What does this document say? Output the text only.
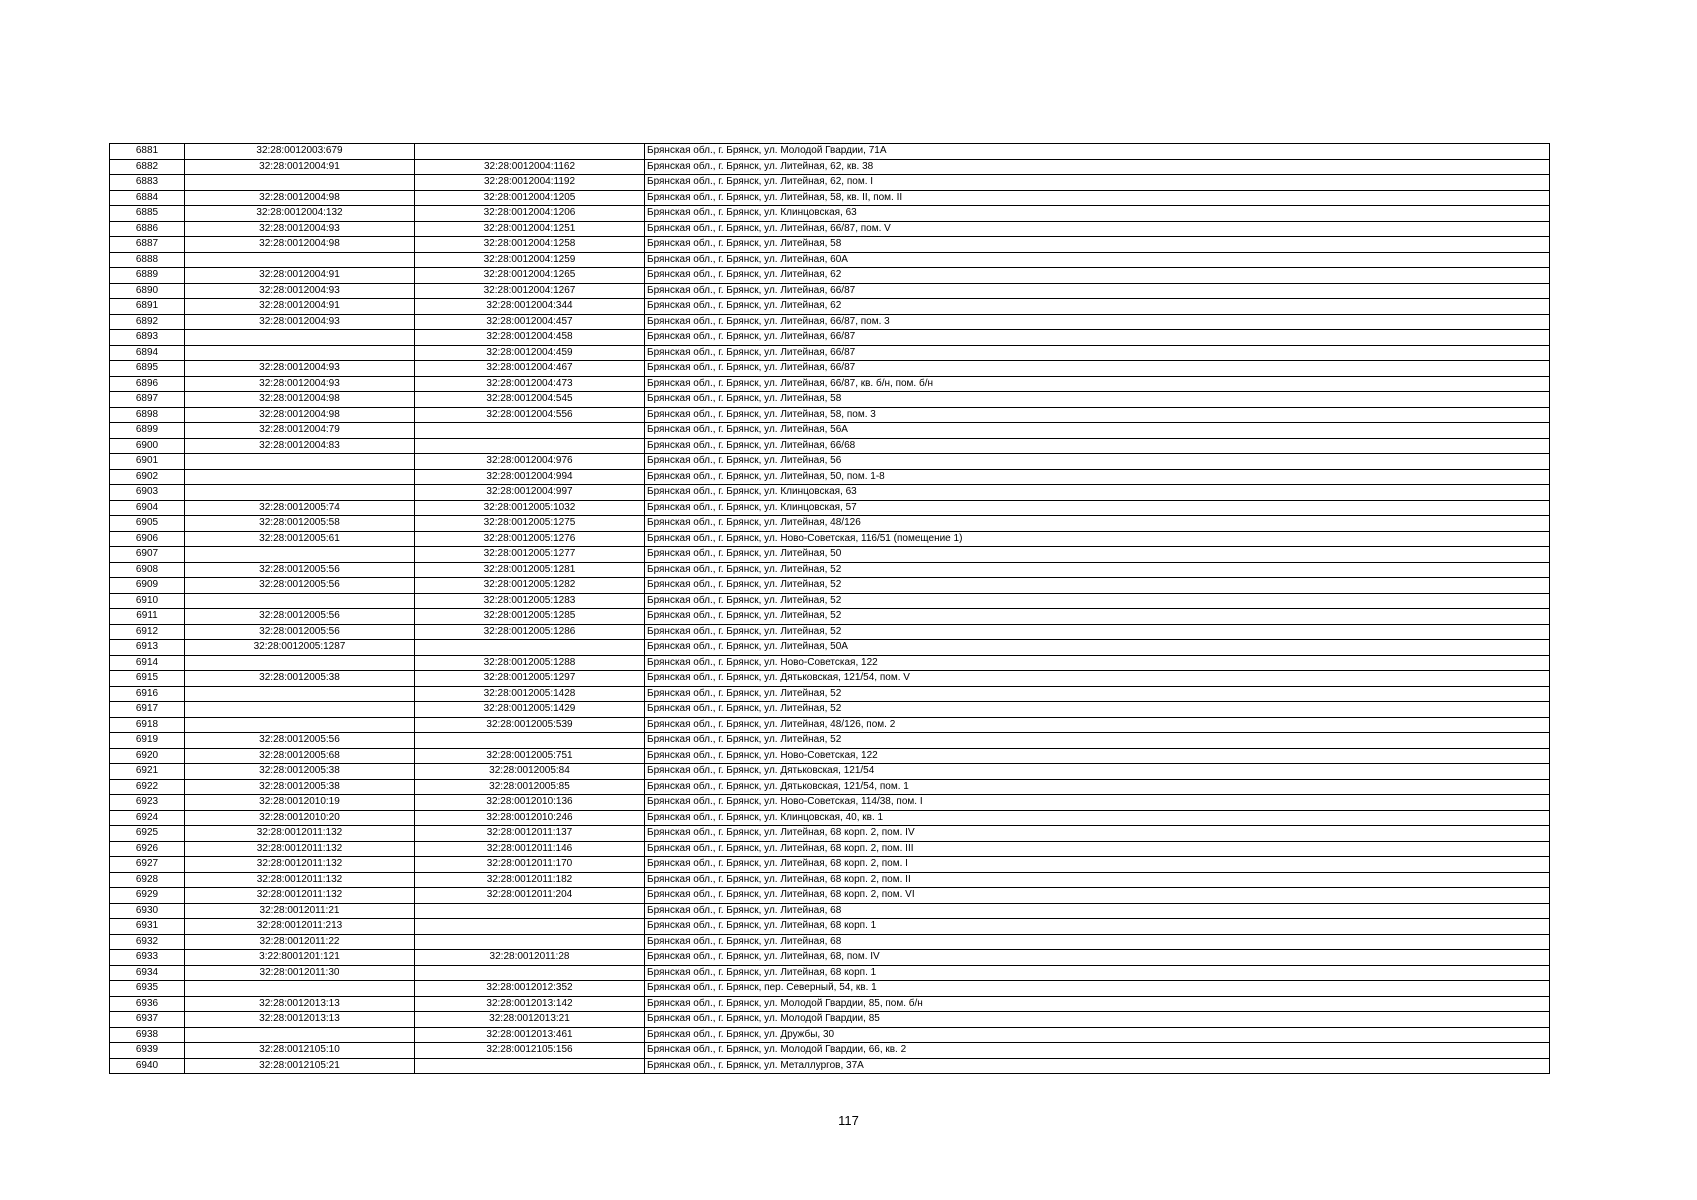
6881	32:28:0012003:679		Брянская обл., г. Брянск, ул. Молодой Гвардии, 71А
6882	32:28:0012004:91	32:28:0012004:1162	Брянская обл., г. Брянск, ул. Литейная, 62, кв. 38
6883		32:28:0012004:1192	Брянская обл., г. Брянск, ул. Литейная, 62, пом. I
6884	32:28:0012004:98	32:28:0012004:1205	Брянская обл., г. Брянск, ул. Литейная, 58, кв. II, пом. II
6885	32:28:0012004:132	32:28:0012004:1206	Брянская обл., г. Брянск, ул. Клинцовская, 63
6886	32:28:0012004:93	32:28:0012004:1251	Брянская обл., г. Брянск, ул. Литейная, 66/87, пом. V
6887	32:28:0012004:98	32:28:0012004:1258	Брянская обл., г. Брянск, ул. Литейная, 58
6888		32:28:0012004:1259	Брянская обл., г. Брянск, ул. Литейная, 60А
6889	32:28:0012004:91	32:28:0012004:1265	Брянская обл., г. Брянск, ул. Литейная, 62
6890	32:28:0012004:93	32:28:0012004:1267	Брянская обл., г. Брянск, ул. Литейная, 66/87
6891	32:28:0012004:91	32:28:0012004:344	Брянская обл., г. Брянск, ул. Литейная, 62
6892	32:28:0012004:93	32:28:0012004:457	Брянская обл., г. Брянск, ул. Литейная, 66/87, пом. 3
6893		32:28:0012004:458	Брянская обл., г. Брянск, ул. Литейная, 66/87
6894		32:28:0012004:459	Брянская обл., г. Брянск, ул. Литейная, 66/87
6895	32:28:0012004:93	32:28:0012004:467	Брянская обл., г. Брянск, ул. Литейная, 66/87
6896	32:28:0012004:93	32:28:0012004:473	Брянская обл., г. Брянск, ул. Литейная, 66/87, кв. б/н, пом. б/н
6897	32:28:0012004:98	32:28:0012004:545	Брянская обл., г. Брянск, ул. Литейная, 58
6898	32:28:0012004:98	32:28:0012004:556	Брянская обл., г. Брянск, ул. Литейная, 58, пом. 3
6899	32:28:0012004:79		Брянская обл., г. Брянск, ул. Литейная, 56А
6900	32:28:0012004:83		Брянская обл., г. Брянск, ул. Литейная, 66/68
6901		32:28:0012004:976	Брянская обл., г. Брянск, ул. Литейная, 56
6902		32:28:0012004:994	Брянская обл., г. Брянск, ул. Литейная, 50, пом. 1-8
6903		32:28:0012004:997	Брянская обл., г. Брянск, ул. Клинцовская, 63
6904	32:28:0012005:74	32:28:0012005:1032	Брянская обл., г. Брянск, ул. Клинцовская, 57
6905	32:28:0012005:58	32:28:0012005:1275	Брянская обл., г. Брянск, ул. Литейная, 48/126
6906	32:28:0012005:61	32:28:0012005:1276	Брянская обл., г. Брянск, ул. Ново-Советская, 116/51 (помещение 1)
6907		32:28:0012005:1277	Брянская обл., г. Брянск, ул. Литейная, 50
6908	32:28:0012005:56	32:28:0012005:1281	Брянская обл., г. Брянск, ул. Литейная, 52
6909	32:28:0012005:56	32:28:0012005:1282	Брянская обл., г. Брянск, ул. Литейная, 52
6910		32:28:0012005:1283	Брянская обл., г. Брянск, ул. Литейная, 52
6911	32:28:0012005:56	32:28:0012005:1285	Брянская обл., г. Брянск, ул. Литейная, 52
6912	32:28:0012005:56	32:28:0012005:1286	Брянская обл., г. Брянск, ул. Литейная, 52
6913	32:28:0012005:1287		Брянская обл., г. Брянск, ул. Литейная, 50А
6914		32:28:0012005:1288	Брянская обл., г. Брянск, ул. Ново-Советская, 122
6915	32:28:0012005:38	32:28:0012005:1297	Брянская обл., г. Брянск, ул. Дятьковская, 121/54, пом. V
6916		32:28:0012005:1428	Брянская обл., г. Брянск, ул. Литейная, 52
6917		32:28:0012005:1429	Брянская обл., г. Брянск, ул. Литейная, 52
6918		32:28:0012005:539	Брянская обл., г. Брянск, ул. Литейная, 48/126, пом. 2
6919	32:28:0012005:56		Брянская обл., г. Брянск, ул. Литейная, 52
6920	32:28:0012005:68	32:28:0012005:751	Брянская обл., г. Брянск, ул. Ново-Советская, 122
6921	32:28:0012005:38	32:28:0012005:84	Брянская обл., г. Брянск, ул. Дятьковская, 121/54
6922	32:28:0012005:38	32:28:0012005:85	Брянская обл., г. Брянск, ул. Дятьковская, 121/54, пом. 1
6923	32:28:0012010:19	32:28:0012010:136	Брянская обл., г. Брянск, ул. Ново-Советская, 114/38, пом. I
6924	32:28:0012010:20	32:28:0012010:246	Брянская обл., г. Брянск, ул. Клинцовская, 40, кв. 1
6925	32:28:0012011:132	32:28:0012011:137	Брянская обл., г. Брянск, ул. Литейная, 68 корп. 2, пом. IV
6926	32:28:0012011:132	32:28:0012011:146	Брянская обл., г. Брянск, ул. Литейная, 68 корп. 2, пом. III
6927	32:28:0012011:132	32:28:0012011:170	Брянская обл., г. Брянск, ул. Литейная, 68 корп. 2, пом. I
6928	32:28:0012011:132	32:28:0012011:182	Брянская обл., г. Брянск, ул. Литейная, 68 корп. 2, пом. II
6929	32:28:0012011:132	32:28:0012011:204	Брянская обл., г. Брянск, ул. Литейная, 68 корп. 2, пом. VI
6930	32:28:0012011:21		Брянская обл., г. Брянск, ул. Литейная, 68
6931	32:28:0012011:213		Брянская обл., г. Брянск, ул. Литейная, 68 корп. 1
6932	32:28:0012011:22		Брянская обл., г. Брянск, ул. Литейная, 68
6933	3:22:8001201:121	32:28:0012011:28	Брянская обл., г. Брянск, ул. Литейная, 68, пом. IV
6934	32:28:0012011:30		Брянская обл., г. Брянск, ул. Литейная, 68 корп. 1
6935		32:28:0012012:352	Брянская обл., г. Брянск, пер. Северный, 54, кв. 1
6936	32:28:0012013:13	32:28:0012013:142	Брянская обл., г. Брянск, ул. Молодой Гвардии, 85, пом. б/н
6937	32:28:0012013:13	32:28:0012013:21	Брянская обл., г. Брянск, ул. Молодой Гвардии, 85
6938		32:28:0012013:461	Брянская обл., г. Брянск, ул. Дружбы, 30
6939	32:28:0012105:10	32:28:0012105:156	Брянская обл., г. Брянск, ул. Молодой Гвардии, 66, кв. 2
6940	32:28:0012105:21		Брянская обл., г. Брянск, ул. Металлургов, 37А
117
